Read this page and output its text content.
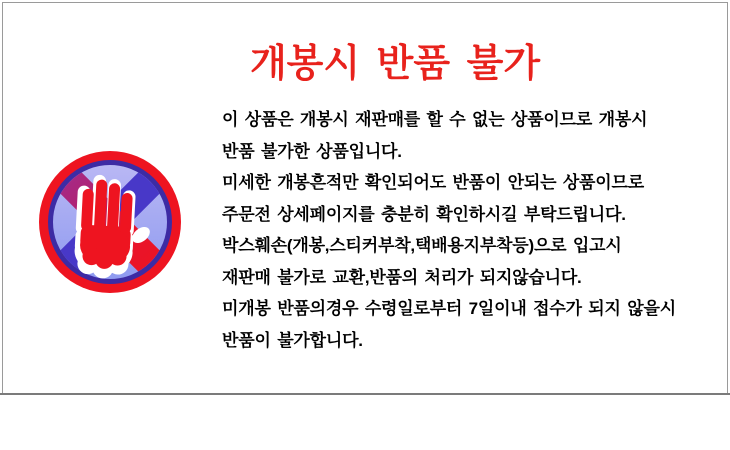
개봉시 반품 불가
이 상품은 개봉시 재판매를 할 수 없는 상품이므로 개봉시
반품 불가한 상품입니다.
미세한 개봉흔적만 확인되어도 반품이 안되는 상품이므로
주문전 상세페이지를 충분히 확인하시길 부탁드립니다.
박스훼손(개봉,스티커부착,택배용지부착등)으로 입고시
재판매 불가로 교환,반품의 처리가 되지않습니다.
미개봉 반품의경우 수령일로부터 7일이내 접수가 되지 않을시
반품이 불가합니다.
